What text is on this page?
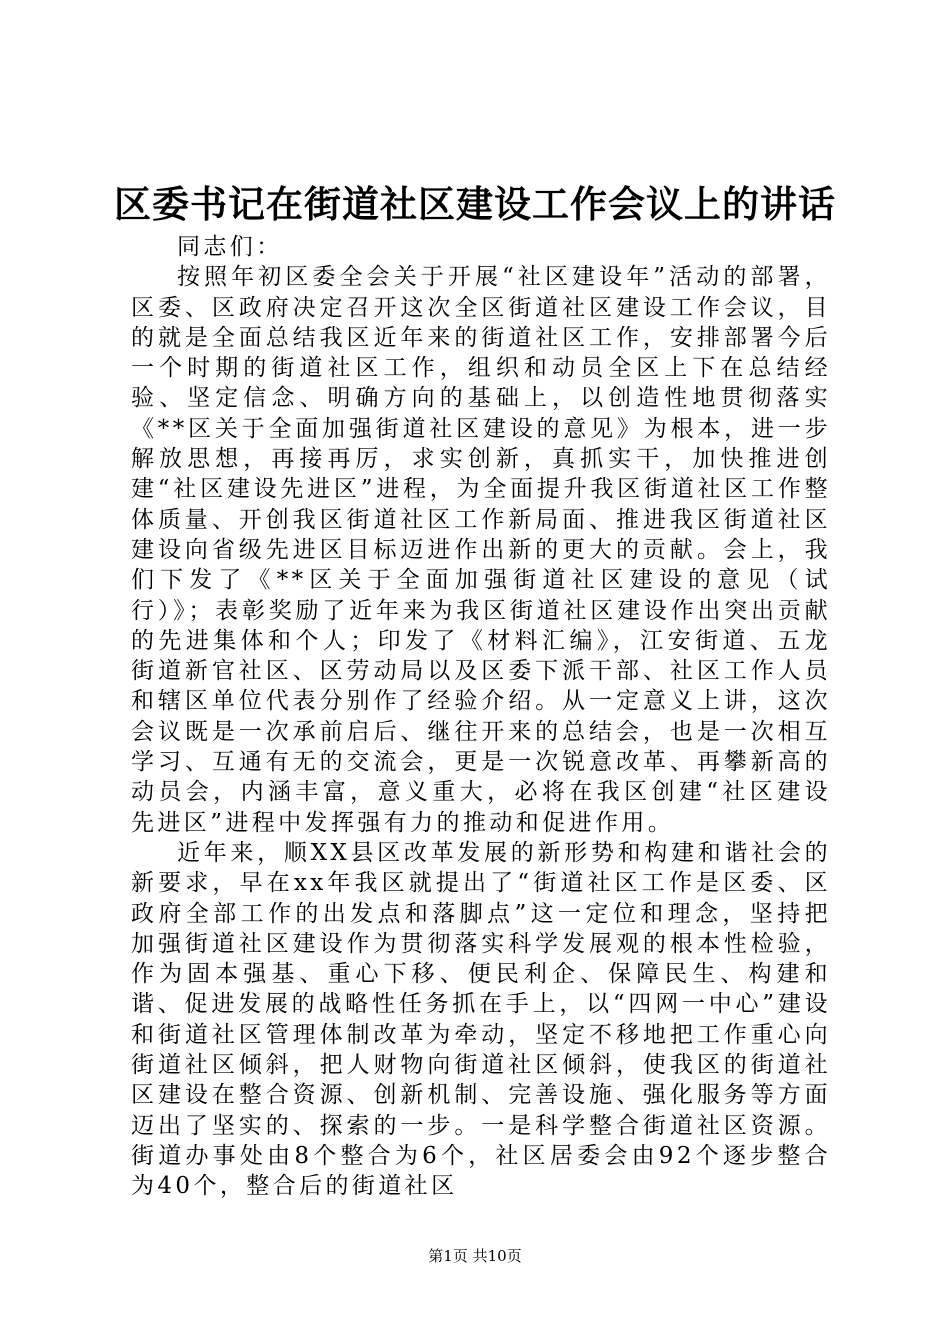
区委书记在街道社区建设工作会议上的讲话

同志们：

按照年初区委全会关于开展“社区建设年”活动的部署，区委、区政府决定召开这次全区街道社区建设工作会议，目的就是全面总结我区近年来的街道社区工作，安排部署今后一个时期的街道社区工作，组织和动员全区上下在总结经验、坚定信念、明确方向的基础上，以创造性地贯彻落实《**区关于全面加强街道社区建设的意见》为根本，进一步解放思想，再接再厉，求实创新，真抓实干，加快推进创建“社区建设先进区”进程，为全面提升我区街道社区工作整体质量、开创我区街道社区工作新局面、推进我区街道社区建设向省级先进区目标迈进作出新的更大的贡献。会上，我们下发了《**区关于全面加强街道社区建设的意见（试行）》；表彰奖励了近年来为我区街道社区建设作出突出贡献的先进集体和个人；印发了《材料汇编》，江安街道、五龙街道新官社区、区劳动局以及区委下派干部、社区工作人员和辖区单位代表分别作了经验介绍。从一定意义上讲，这次会议既是一次承前启后、继往开来的总结会，也是一次相互学习、互通有无的交流会，更是一次锐意改革、再攀新高的动员会，内涵丰富，意义重大，必将在我区创建“社区建设先进区”进程中发挥强有力的推动和促进作用。

近年来，顺XX县区改革发展的新形势和构建和谐社会的新要求，早在xx年我区就提出了“街道社区工作是区委、区政府全部工作的出发点和落脚点”这一定位和理念，坚持把加强街道社区建设作为贯彻落实科学发展观的根本性检验，作为固本强基、重心下移、便民利企、保障民生、构建和谐、促进发展的战略性任务抓在手上，以“四网一中心”建设和街道社区管理体制改革为牵动，坚定不移地把工作重心向街道社区倾斜，把人财物向街道社区倾斜，使我区的街道社区建设在整合资源、创新机制、完善设施、强化服务等方面迈出了坚实的、探索的一步。一是科学整合街道社区资源。街道办事处由8个整合为6个，社区居委会由92个逐步整合为40个，整合后的街道社区

第1页 共10页
